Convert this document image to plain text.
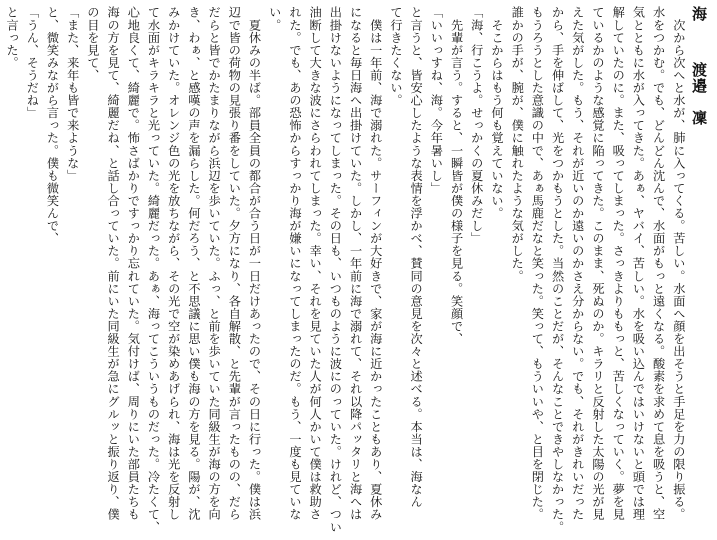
海渡邉　凜
　次から次へと水が、肺に入ってくる。苦しい。水面へ顔を出そうと手足を力の限り振る。
水をつかむ。でも、どんどん沈んで、水面がもっと遠くなる。酸素を求めて息を吸うと、空
気とともに水が入ってきた。あぁ、ヤバイ、苦しい。水を吸い込んではいけないと頭では理
解していたのに。また、吸ってしまった。さっきよりももっと、苦しくなっていく。夢を見
ているかのような感覚に陥ってきた。このまま、死ぬのか。キラリと反射した太陽の光が見
えた気がした。もう、それが近いのか遠いのかさえ分からない。でも、それがきれいだった
から、手を伸ばして、光をつかもうとした。当然のことだが、そんなことできやしなかった。
もうろうとした意識の中で、あぁ馬鹿だなと笑った。笑って、もういいや、と目を閉じた。
誰かの手が、腕が、僕に触れたような気がした。
　そこからはもう何も覚えていない。
「海、行こうよ。せっかくの夏休みだし」
　先輩が言う。すると、一瞬皆が僕の様子を見る。笑顔で、
「いいっすね、海。今年暑いし」
と言うと、皆安心したような表情を浮かべ、賛同の意見を次々と述べる。本当は、海なん
て行きたくない。
　僕は一年前、海で溺れた。サーフィンが大好きで、家が海に近かったこともあり、夏休み
になると毎日海へ出掛けていた。しかし、一年前に海で溺れて、それ以降パッタリと海へは
出掛けないようになってしまった。その日も、いつものように波にのっていた。けれど、つい
油断して大きな波にさらわれてしまった。幸い、それを見ていた人が何人かいて僕は救助さ
れた。でも、あの恐怖からすっかり海が嫌いになってしまったのだ。もう、一度も見ていな
い。
　夏休みの半ば。部員全員の都合が合う日が一日だけあったので、その日に行った。僕は浜
辺で皆の荷物の見張り番をしていた。夕方になり、各自解散、と先輩が言ったものの、だら
だらと皆でかたまりながら浜辺を歩いていた。ふっ、と前を歩いていた同級生が海の方を向
き、わぁ、と感嘆の声を漏らした。何だろう、と不思議に思い僕も海の方を見る。陽が、沈
みかけていた。オレンジ色の光を放ちながら、その光で空が染めあげられ、海は光を反射し
て水面がキラキラと光っていた。綺麗だった。あぁ、海ってこういうものだった。冷たくて、
心地良くて、綺麗で。怖さばかりですっかり忘れていた。気付けば、周りにいた部員たちも
海の方を見て、綺麗だね、と話し合っていた。前にいた同級生が急にグルッと振り返り、僕
の目を見て、
「また、来年も皆で来ような」
と、微笑みながら言った。僕も微笑んで、
「うん、そうだね」
と言った。
